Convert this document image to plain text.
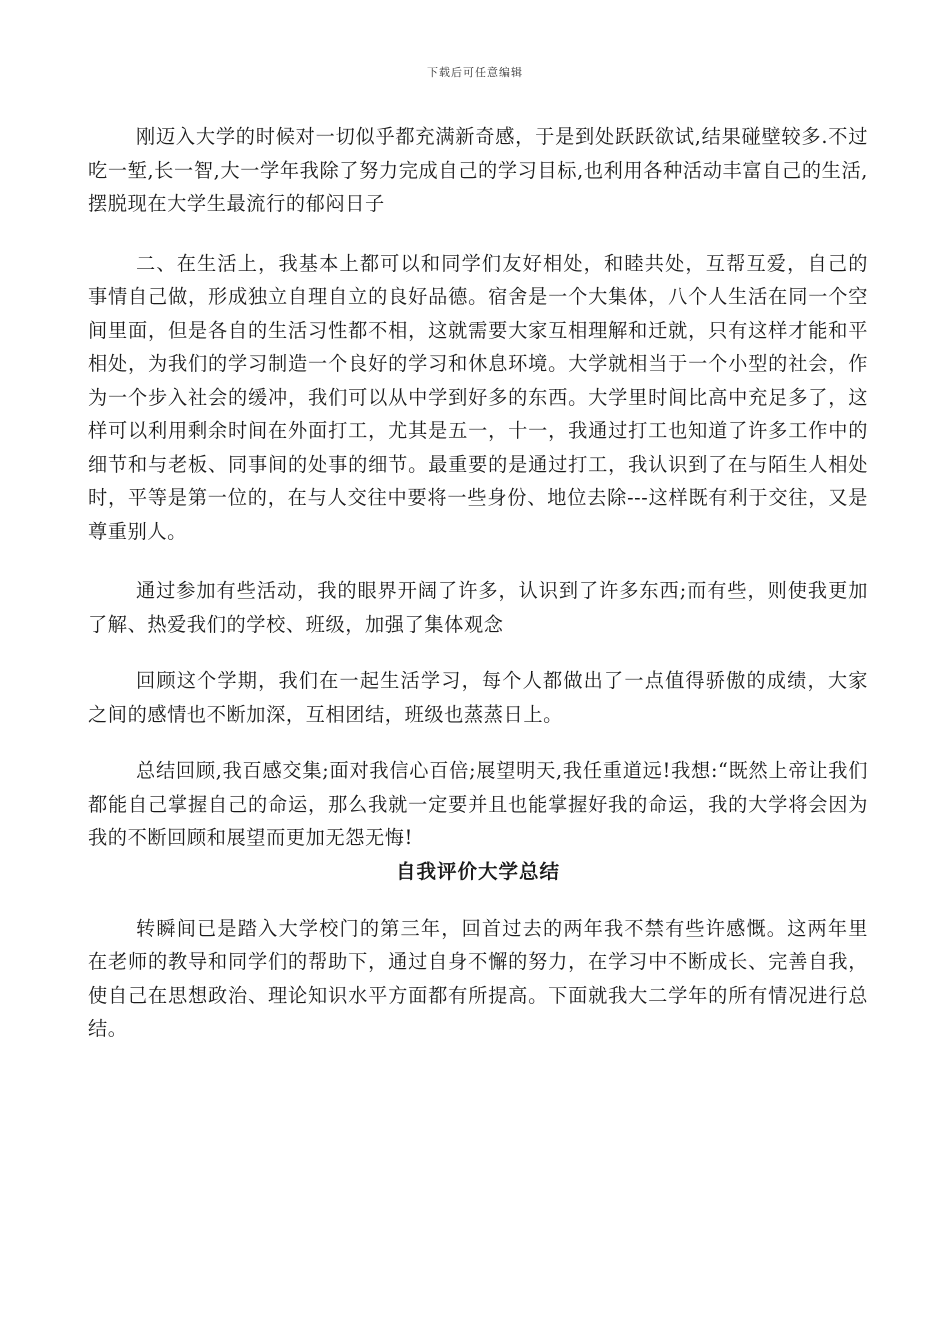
下载后可任意编辑

刚迈入大学的时候对一切似乎都充满新奇感，于是到处跃跃欲试,结果碰壁较多.不过吃一堑,长一智,大一学年我除了努力完成自己的学习目标,也利用各种活动丰富自己的生活,摆脱现在大学生最流行的郁闷日子

二、在生活上，我基本上都可以和同学们友好相处，和睦共处，互帮互爱，自己的事情自己做，形成独立自理自立的良好品德。宿舍是一个大集体，八个人生活在同一个空间里面，但是各自的生活习性都不相，这就需要大家互相理解和迁就，只有这样才能和平相处，为我们的学习制造一个良好的学习和休息环境。大学就相当于一个小型的社会，作为一个步入社会的缓冲，我们可以从中学到好多的东西。大学里时间比高中充足多了，这样可以利用剩余时间在外面打工，尤其是五一，十一，我通过打工也知道了许多工作中的细节和与老板、同事间的处事的细节。最重要的是通过打工，我认识到了在与陌生人相处时，平等是第一位的，在与人交往中要将一些身份、地位去除---这样既有利于交往，又是尊重别人。

通过参加有些活动，我的眼界开阔了许多，认识到了许多东西;而有些，则使我更加了解、热爱我们的学校、班级，加强了集体观念

回顾这个学期，我们在一起生活学习，每个人都做出了一点值得骄傲的成绩，大家之间的感情也不断加深，互相团结，班级也蒸蒸日上。

总结回顾,我百感交集;面对我信心百倍;展望明天,我任重道远!我想:“既然上帝让我们都能自己掌握自己的命运，那么我就一定要并且也能掌握好我的命运，我的大学将会因为我的不断回顾和展望而更加无怨无悔!

自我评价大学总结

转瞬间已是踏入大学校门的第三年，回首过去的两年我不禁有些许感慨。这两年里在老师的教导和同学们的帮助下，通过自身不懈的努力，在学习中不断成长、完善自我，使自己在思想政治、理论知识水平方面都有所提高。下面就我大二学年的所有情况进行总结。
